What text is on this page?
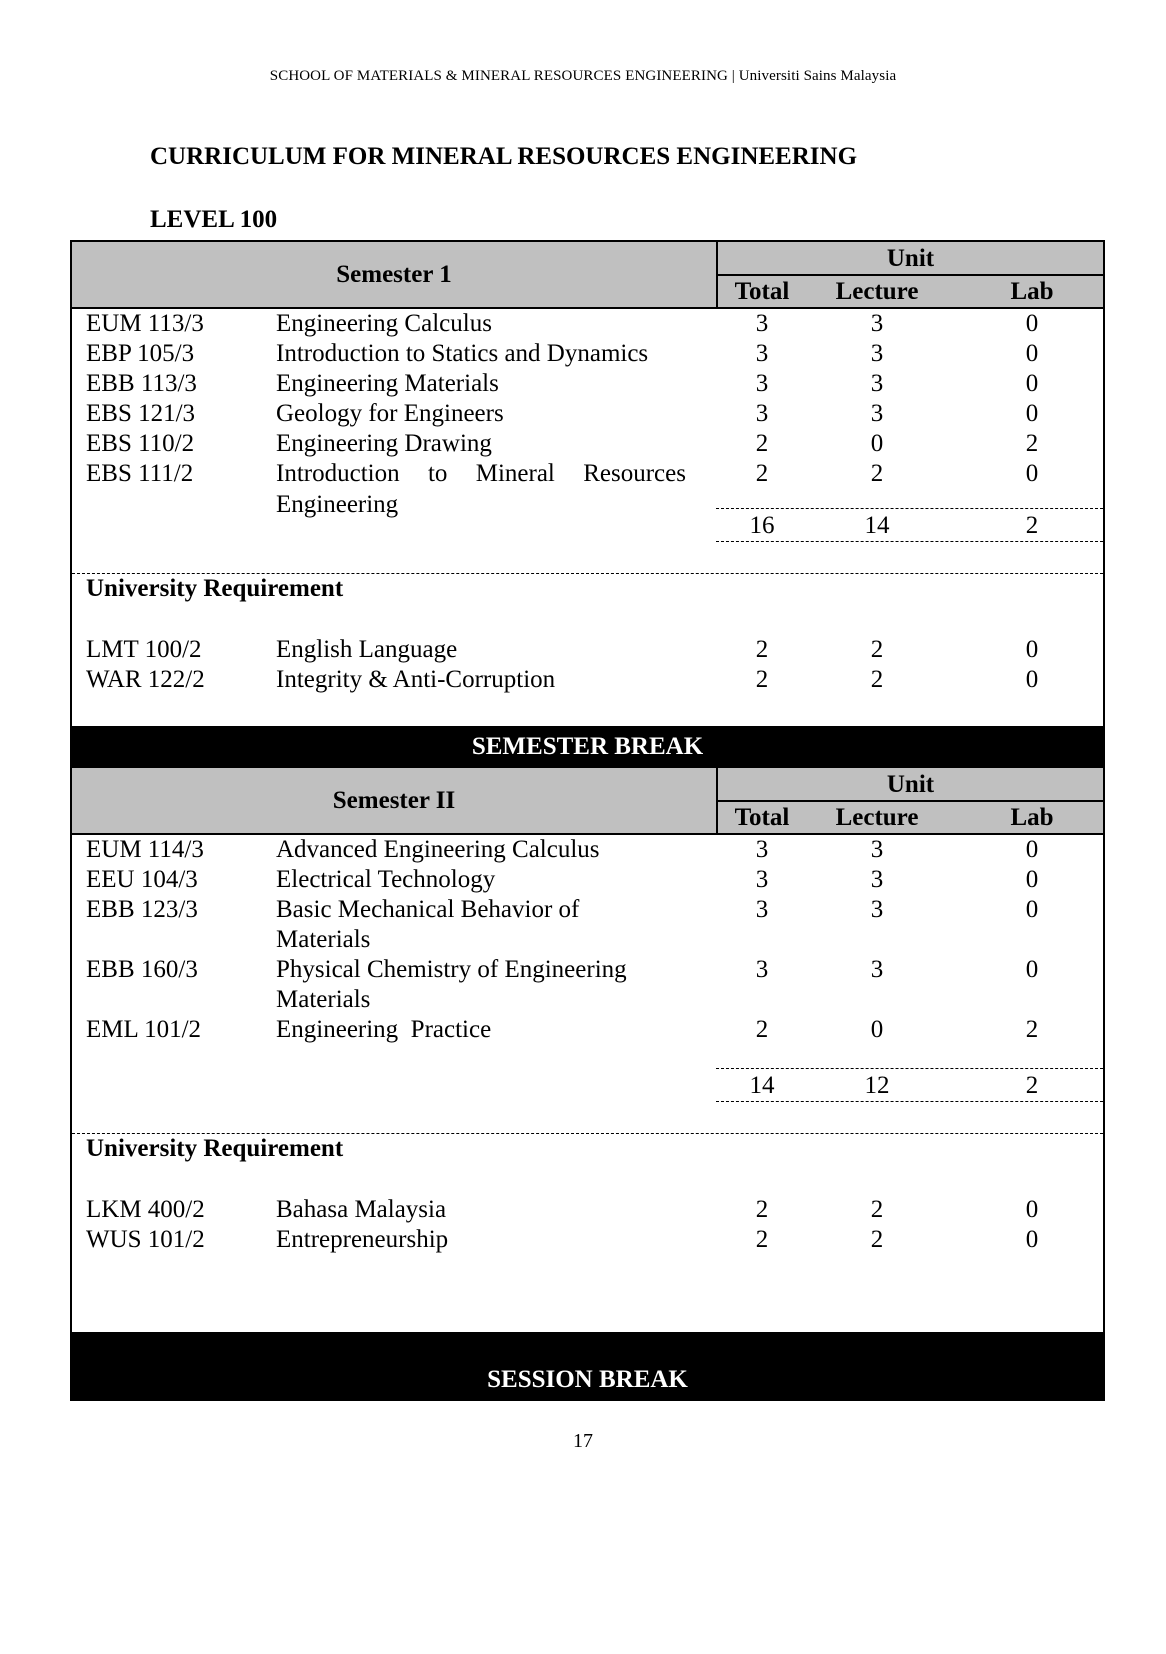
SCHOOL OF MATERIALS & MINERAL RESOURCES ENGINEERING | Universiti Sains Malaysia
CURRICULUM FOR MINERAL RESOURCES ENGINEERING
LEVEL 100
Semester 1
Unit
Total	Lecture	Lab
EUM 113/3	Engineering Calculus	3	3	0
EBP 105/3	Introduction to Statics and Dynamics	3	3	0
EBB 113/3	Engineering Materials	3	3	0
EBS 121/3	Geology for Engineers	3	3	0
EBS 110/2	Engineering Drawing	2	0	2
EBS 111/2	Introduction to Mineral Resources
Engineering
2	2	0
16	14	2
University Requirement
LMT 100/2	English Language	2	2	0
WAR 122/2	Integrity & Anti-Corruption	2	2	0
SEMESTER BREAK
Semester II
Unit
Total	Lecture	Lab
EUM 114/3	Advanced Engineering Calculus	3	3	0
EEU 104/3	Electrical Technology	3	3	0
EBB 123/3	Basic Mechanical Behavior of
Materials
3	3	0
EBB 160/3	Physical Chemistry of Engineering
Materials
3	3	0
EML 101/2	Engineering  Practice	2	0	2
14	12	2
University Requirement
LKM 400/2	Bahasa Malaysia	2	2	0
WUS 101/2	Entrepreneurship	2	2	0
SESSION BREAK
17
